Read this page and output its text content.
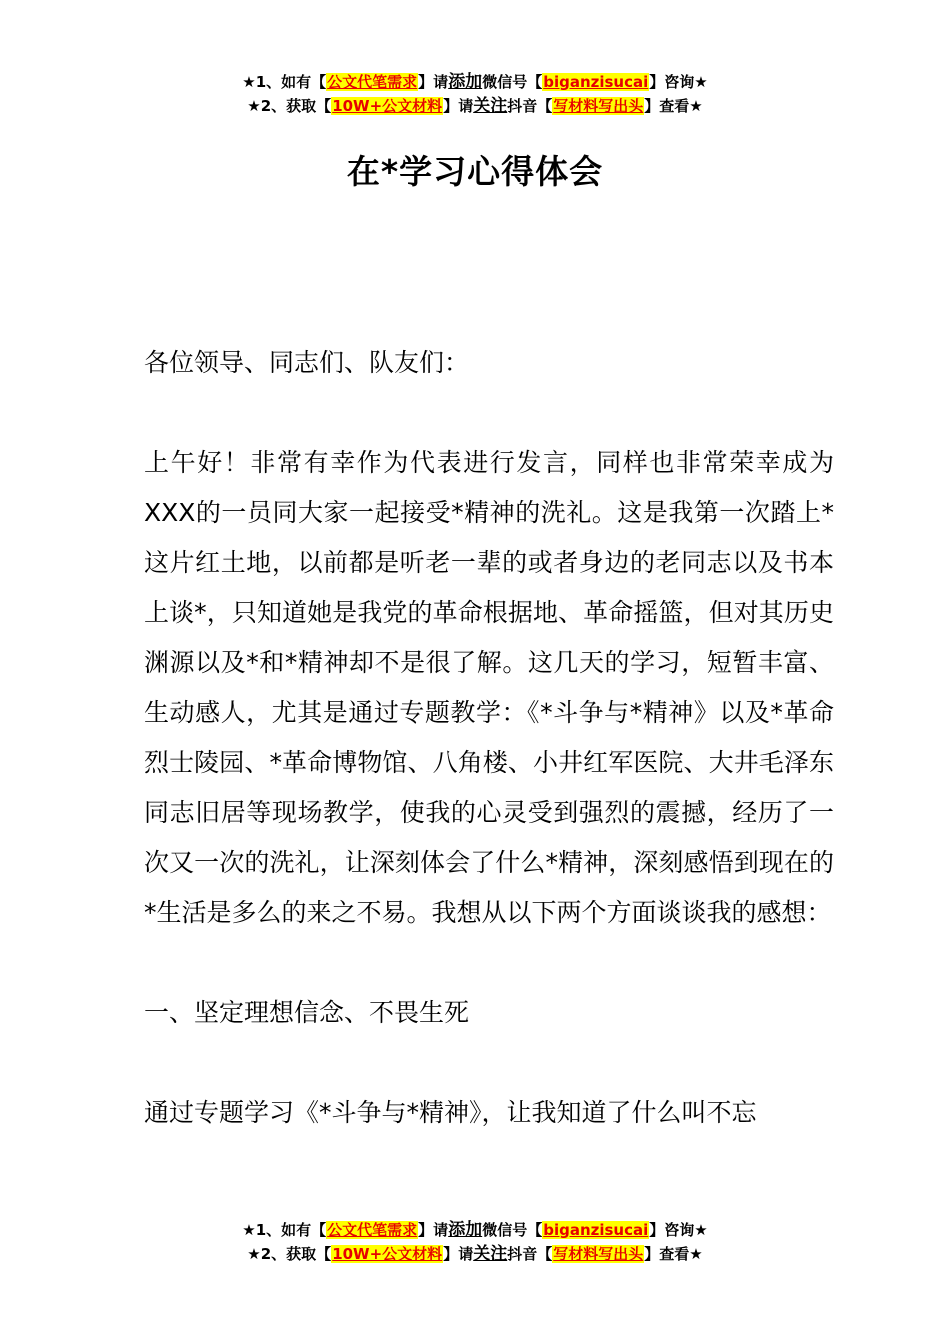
★1、如有【公文代笔需求】请添加微信号【biganzisucai】咨询★
★2、获取【10W+公文材料】请关注抖音【写材料写出头】查看★
在*学习心得体会

各位领导、同志们、队友们：

上午好！非常有幸作为代表进行发言，同样也非常荣幸成为XXX的一员同大家一起接受*精神的洗礼。这是我第一次踏上*这片红土地，以前都是听老一辈的或者身边的老同志以及书本上谈*，只知道她是我党的革命根据地、革命摇篮，但对其历史渊源以及*和*精神却不是很了解。这几天的学习，短暂丰富、生动感人，尤其是通过专题教学：《*斗争与*精神》以及*革命烈士陵园、*革命博物馆、八角楼、小井红军医院、大井毛泽东同志旧居等现场教学，使我的心灵受到强烈的震撼，经历了一次又一次的洗礼，让深刻体会了什么*精神，深刻感悟到现在的*生活是多么的来之不易。我想从以下两个方面谈谈我的感想：

一、坚定理想信念、不畏生死

通过专题学习《*斗争与*精神》，让我知道了什么叫不忘

★1、如有【公文代笔需求】请添加微信号【biganzisucai】咨询★
★2、获取【10W+公文材料】请关注抖音【写材料写出头】查看★
